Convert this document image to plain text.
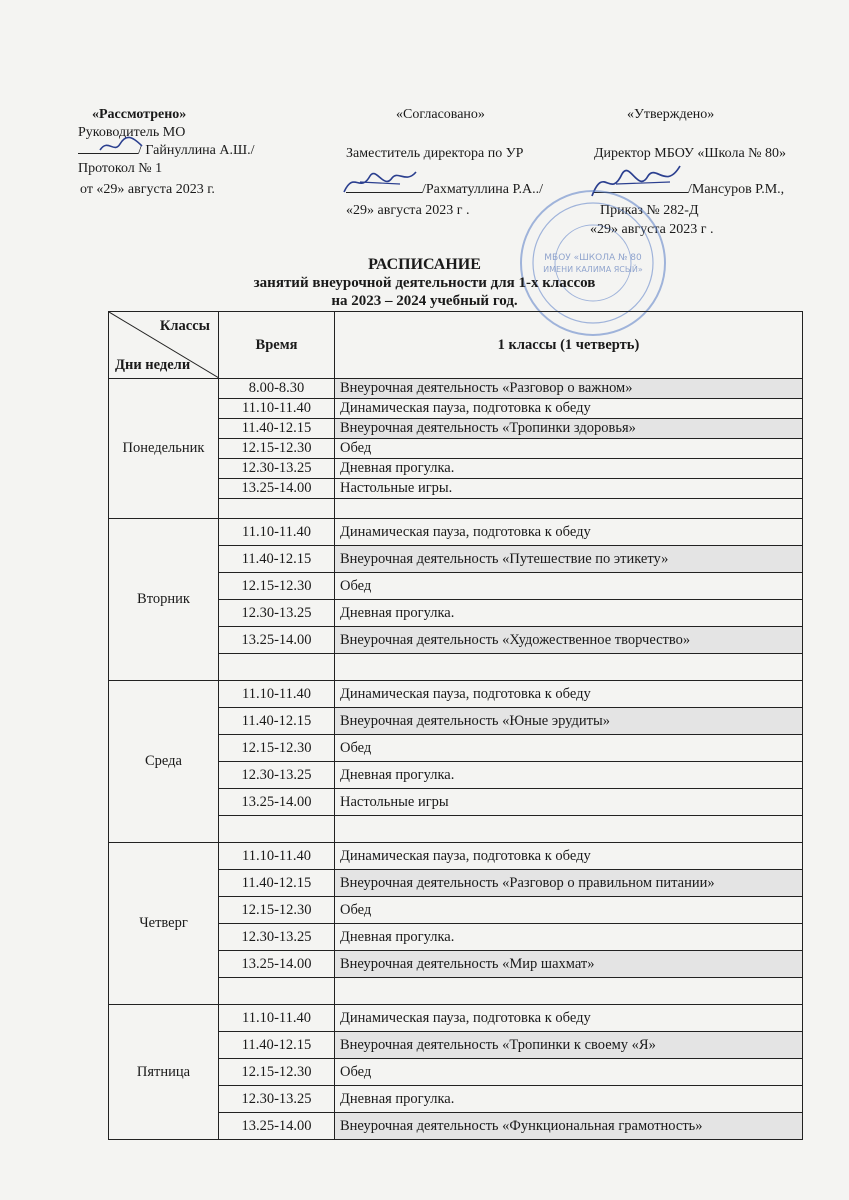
«Рассмотрено»
Руководитель МО
/ Гайнуллина А.Ш./
Протокол № 1
от «29» августа 2023 г.
«Согласовано»
Заместитель директора по УР
/Рахматуллина Р.А../
«29» августа 2023 г .
«Утверждено»
Директор МБОУ «Школа № 80»
/Мансуров Р.М.,
Приказ № 282-Д
«29» августа 2023 г .
МБОУ «ШКОЛА № 80
ИМЕНИ КАЛИМА ЯСЫЙ»
РАСПИСАНИЕ
занятий внеурочной деятельности для 1-х классов
на 2023 – 2024 учебный год.
Классы
Дни недели	Время	1 классы (1 четверть)
Понедельник	8.00-8.30	Внеурочная деятельность «Разговор о важном»
	11.10-11.40	Динамическая пауза, подготовка к обеду
	11.40-12.15	Внеурочная деятельность «Тропинки здоровья»
	12.15-12.30	Обед
	12.30-13.25	Дневная прогулка.
	13.25-14.00	Настольные игры.

Вторник	11.10-11.40	Динамическая пауза, подготовка к обеду
	11.40-12.15	Внеурочная деятельность «Путешествие по этикету»
	12.15-12.30	Обед
	12.30-13.25	Дневная прогулка.
	13.25-14.00	Внеурочная деятельность «Художественное творчество»

Среда	11.10-11.40	Динамическая пауза, подготовка к обеду
	11.40-12.15	Внеурочная деятельность «Юные эрудиты»
	12.15-12.30	Обед
	12.30-13.25	Дневная прогулка.
	13.25-14.00	Настольные игры

Четверг	11.10-11.40	Динамическая пауза, подготовка к обеду
	11.40-12.15	Внеурочная деятельность «Разговор о правильном питании»
	12.15-12.30	Обед
	12.30-13.25	Дневная прогулка.
	13.25-14.00	Внеурочная деятельность «Мир шахмат»

Пятница	11.10-11.40	Динамическая пауза, подготовка к обеду
	11.40-12.15	Внеурочная деятельность «Тропинки к своему «Я»
	12.15-12.30	Обед
	12.30-13.25	Дневная прогулка.
	13.25-14.00	Внеурочная деятельность «Функциональная грамотность»
